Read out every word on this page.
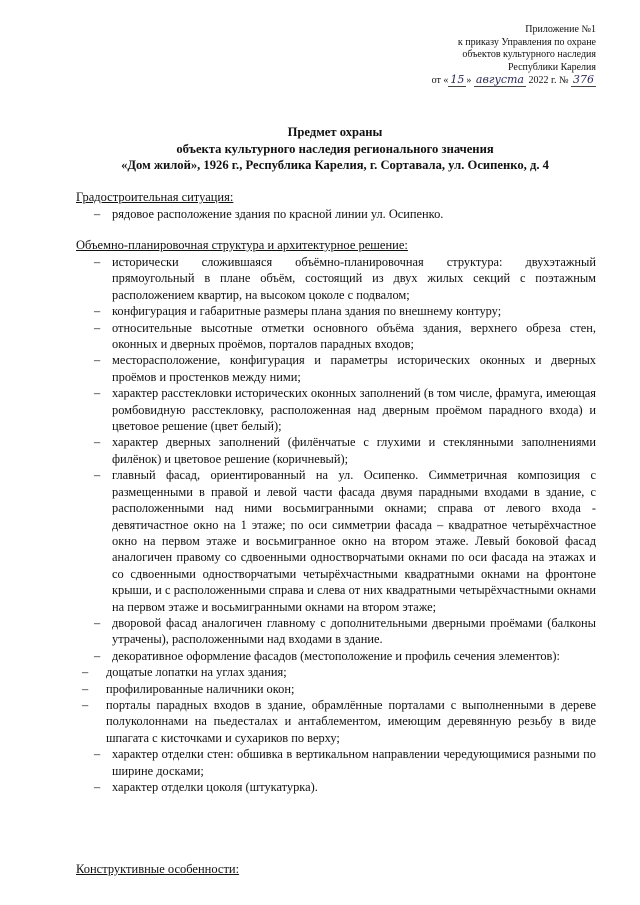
Приложение №1
к приказу Управления по охране
объектов культурного наследия
Республики Карелия
от « 15 » августа 2022 г. № 376
Предмет охраны
объекта культурного наследия регионального значения
«Дом жилой», 1926 г., Республика Карелия, г. Сортавала, ул. Осипенко, д. 4
Градостроительная ситуация:
– рядовое расположение здания по красной линии ул. Осипенко.
Объемно-планировочная структура и архитектурное решение:
– исторически сложившаяся объёмно-планировочная структура: двухэтажный прямоугольный в плане объём, состоящий из двух жилых секций с поэтажным расположением квартир, на высоком цоколе с подвалом;
– конфигурация и габаритные размеры плана здания по внешнему контуру;
– относительные высотные отметки основного объёма здания, верхнего обреза стен, оконных и дверных проёмов, порталов парадных входов;
– месторасположение, конфигурация и параметры исторических оконных и дверных проёмов и простенков между ними;
– характер расстекловки исторических оконных заполнений (в том числе, фрамуга, имеющая ромбовидную расстекловку, расположенная над дверным проёмом парадного входа) и цветовое решение (цвет белый);
– характер дверных заполнений (филёнчатые с глухими и стеклянными заполнениями филёнок) и цветовое решение (коричневый);
– главный фасад, ориентированный на ул. Осипенко. Симметричная композиция с размещенными в правой и левой части фасада двумя парадными входами в здание, с расположенными над ними восьмигранными окнами; справа от левого входа - девятичастное окно на 1 этаже; по оси симметрии фасада – квадратное четырёхчастное окно на первом этаже и восьмигранное окно на втором этаже. Левый боковой фасад аналогичен правому со сдвоенными одностворчатыми окнами по оси фасада на этажах и со сдвоенными одностворчатыми четырёхчастными квадратными окнами на фронтоне крыши, и с расположенными справа и слева от них квадратными четырёхчастными окнами на первом этаже и восьмигранными окнами на втором этаже;
– дворовой фасад аналогичен главному с дополнительными дверными проёмами (балконы утрачены), расположенными над входами в здание.
– декоративное оформление фасадов (местоположение и профиль сечения элементов):
– дощатые лопатки на углах здания;
– профилированные наличники окон;
– порталы парадных входов в здание, обрамлённые порталами с выполненными в дереве полуколоннами на пьедесталах и антаблементом, имеющим деревянную резьбу в виде шпагата с кисточками и сухариков по верху;
– характер отделки стен: обшивка в вертикальном направлении чередующимися разными по ширине досками;
– характер отделки цоколя (штукатурка).
Конструктивные особенности:
